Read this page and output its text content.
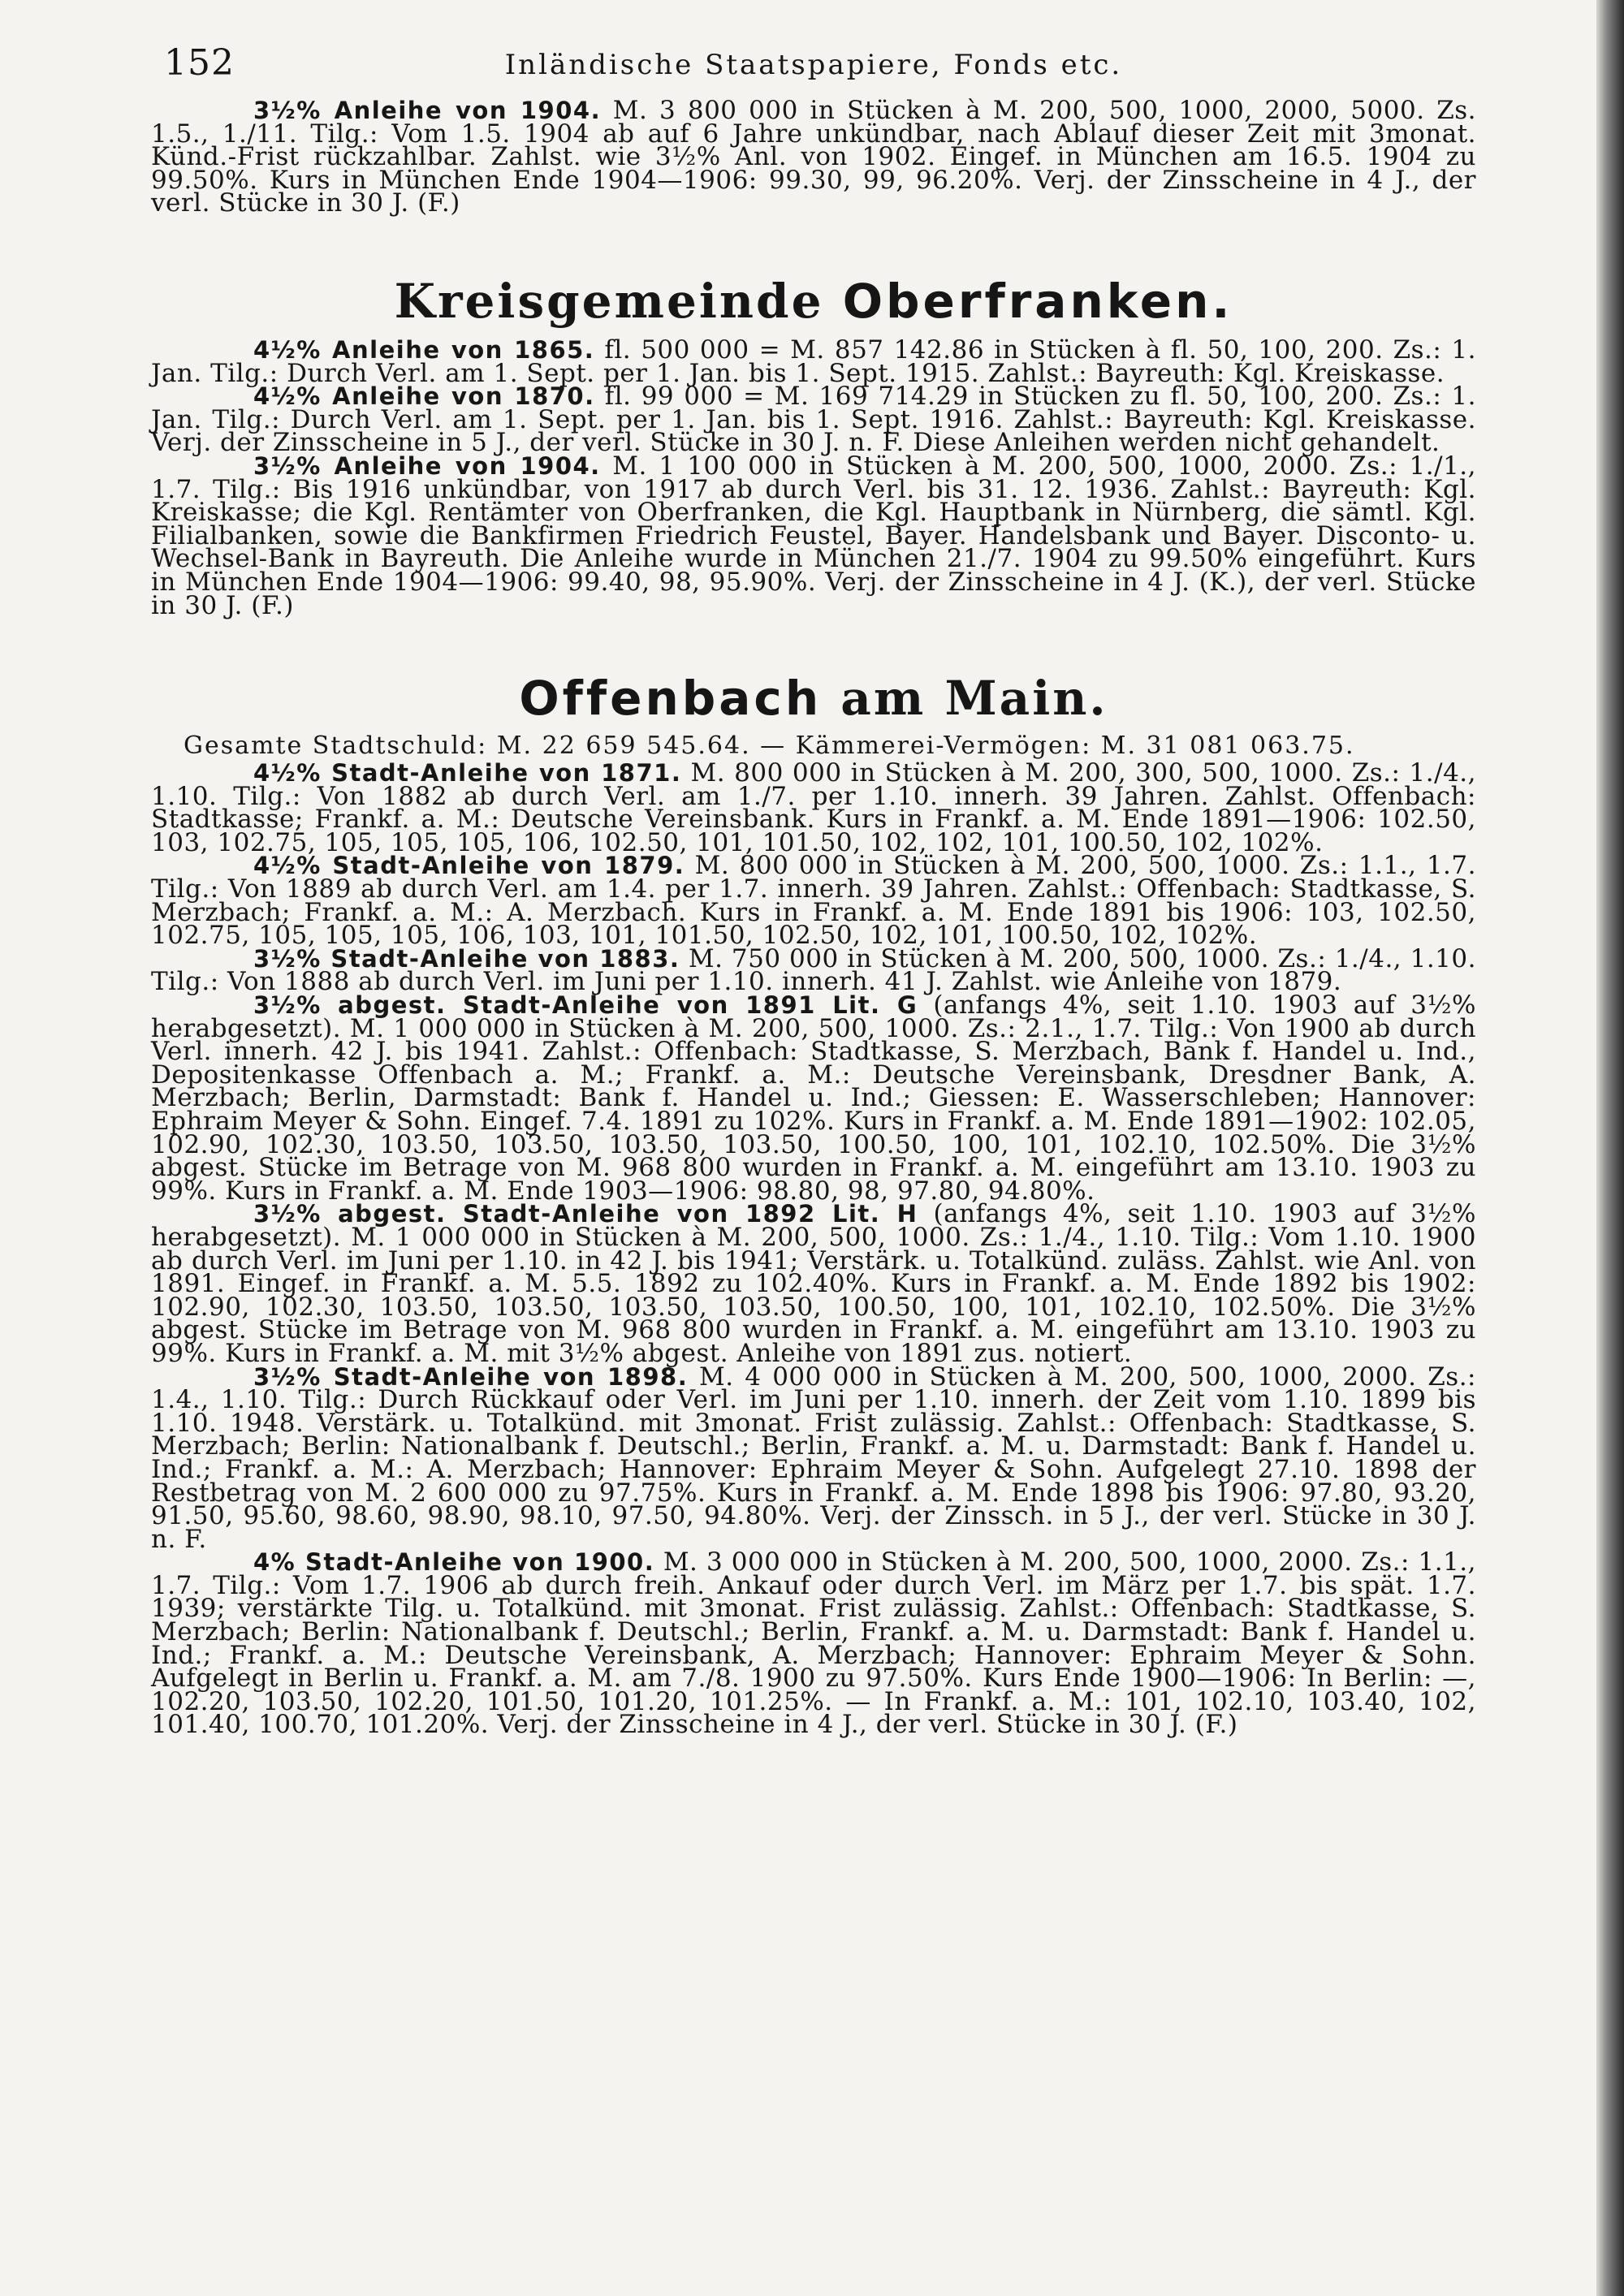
152	Inländische Staatspapiere, Fonds etc.

3½% Anleihe von 1904. M. 3 800 000 in Stücken à M. 200, 500, 1000, 2000, 5000. Zs. 1.5., 1./11. Tilg.: Vom 1.5. 1904 ab auf 6 Jahre unkündbar, nach Ablauf dieser Zeit mit 3monat. Künd.-Frist rückzahlbar. Zahlst. wie 3½% Anl. von 1902. Eingef. in München am 16.5. 1904 zu 99.50%. Kurs in München Ende 1904—1906: 99.30, 99, 96.20%. Verj. der Zinsscheine in 4 J., der verl. Stücke in 30 J. (F.)

Kreisgemeinde Oberfranken.

4½% Anleihe von 1865. fl. 500 000 = M. 857 142.86 in Stücken à fl. 50, 100, 200. Zs.: 1. Jan. Tilg.: Durch Verl. am 1. Sept. per 1. Jan. bis 1. Sept. 1915. Zahlst.: Bayreuth: Kgl. Kreiskasse.

4½% Anleihe von 1870. fl. 99 000 = M. 169 714.29 in Stücken zu fl. 50, 100, 200. Zs.: 1. Jan. Tilg.: Durch Verl. am 1. Sept. per 1. Jan. bis 1. Sept. 1916. Zahlst.: Bayreuth: Kgl. Kreiskasse. Verj. der Zinsscheine in 5 J., der verl. Stücke in 30 J. n. F. Diese Anleihen werden nicht gehandelt.

3½% Anleihe von 1904. M. 1 100 000 in Stücken à M. 200, 500, 1000, 2000. Zs.: 1./1., 1.7. Tilg.: Bis 1916 unkündbar, von 1917 ab durch Verl. bis 31. 12. 1936. Zahlst.: Bayreuth: Kgl. Kreiskasse; die Kgl. Rentämter von Oberfranken, die Kgl. Hauptbank in Nürnberg, die sämtl. Kgl. Filialbanken, sowie die Bankfirmen Friedrich Feustel, Bayer. Handelsbank und Bayer. Disconto- u. Wechsel-Bank in Bayreuth. Die Anleihe wurde in München 21./7. 1904 zu 99.50% eingeführt. Kurs in München Ende 1904—1906: 99.40, 98, 95.90%. Verj. der Zinsscheine in 4 J. (K.), der verl. Stücke in 30 J. (F.)

Offenbach am Main.

Gesamte Stadtschuld: M. 22 659 545.64. — Kämmerei-Vermögen: M. 31 081 063.75.

4½% Stadt-Anleihe von 1871. M. 800 000 in Stücken à M. 200, 300, 500, 1000. Zs.: 1./4., 1.10. Tilg.: Von 1882 ab durch Verl. am 1./7. per 1.10. innerh. 39 Jahren. Zahlst. Offenbach: Stadtkasse; Frankf. a. M.: Deutsche Vereinsbank. Kurs in Frankf. a. M. Ende 1891—1906: 102.50, 103, 102.75, 105, 105, 105, 106, 102.50, 101, 101.50, 102, 102, 101, 100.50, 102, 102%.

4½% Stadt-Anleihe von 1879. M. 800 000 in Stücken à M. 200, 500, 1000. Zs.: 1.1., 1.7. Tilg.: Von 1889 ab durch Verl. am 1.4. per 1.7. innerh. 39 Jahren. Zahlst.: Offenbach: Stadtkasse, S. Merzbach; Frankf. a. M.: A. Merzbach. Kurs in Frankf. a. M. Ende 1891 bis 1906: 103, 102.50, 102.75, 105, 105, 105, 106, 103, 101, 101.50, 102.50, 102, 101, 100.50, 102, 102%.

3½% Stadt-Anleihe von 1883. M. 750 000 in Stücken à M. 200, 500, 1000. Zs.: 1./4., 1.10. Tilg.: Von 1888 ab durch Verl. im Juni per 1.10. innerh. 41 J. Zahlst. wie Anleihe von 1879.

3½% abgest. Stadt-Anleihe von 1891 Lit. G (anfangs 4%, seit 1.10. 1903 auf 3½% herabgesetzt). M. 1 000 000 in Stücken à M. 200, 500, 1000. Zs.: 2.1., 1.7. Tilg.: Von 1900 ab durch Verl. innerh. 42 J. bis 1941. Zahlst.: Offenbach: Stadtkasse, S. Merzbach, Bank f. Handel u. Ind., Depositenkasse Offenbach a. M.; Frankf. a. M.: Deutsche Vereinsbank, Dresdner Bank, A. Merzbach; Berlin, Darmstadt: Bank f. Handel u. Ind.; Giessen: E. Wasserschleben; Hannover: Ephraim Meyer & Sohn. Eingef. 7.4. 1891 zu 102%. Kurs in Frankf. a. M. Ende 1891—1902: 102.05, 102.90, 102.30, 103.50, 103.50, 103.50, 103.50, 100.50, 100, 101, 102.10, 102.50%. Die 3½% abgest. Stücke im Betrage von M. 968 800 wurden in Frankf. a. M. eingeführt am 13.10. 1903 zu 99%. Kurs in Frankf. a. M. Ende 1903—1906: 98.80, 98, 97.80, 94.80%.

3½% abgest. Stadt-Anleihe von 1892 Lit. H (anfangs 4%, seit 1.10. 1903 auf 3½% herabgesetzt). M. 1 000 000 in Stücken à M. 200, 500, 1000. Zs.: 1./4., 1.10. Tilg.: Vom 1.10. 1900 ab durch Verl. im Juni per 1.10. in 42 J. bis 1941; Verstärk. u. Totalkünd. zuläss. Zahlst. wie Anl. von 1891. Eingef. in Frankf. a. M. 5.5. 1892 zu 102.40%. Kurs in Frankf. a. M. Ende 1892 bis 1902: 102.90, 102.30, 103.50, 103.50, 103.50, 103.50, 100.50, 100, 101, 102.10, 102.50%. Die 3½% abgest. Stücke im Betrage von M. 968 800 wurden in Frankf. a. M. eingeführt am 13.10. 1903 zu 99%. Kurs in Frankf. a. M. mit 3½% abgest. Anleihe von 1891 zus. notiert.

3½% Stadt-Anleihe von 1898. M. 4 000 000 in Stücken à M. 200, 500, 1000, 2000. Zs.: 1.4., 1.10. Tilg.: Durch Rückkauf oder Verl. im Juni per 1.10. innerh. der Zeit vom 1.10. 1899 bis 1.10. 1948. Verstärk. u. Totalkünd. mit 3monat. Frist zulässig. Zahlst.: Offenbach: Stadtkasse, S. Merzbach; Berlin: Nationalbank f. Deutschl.; Berlin, Frankf. a. M. u. Darmstadt: Bank f. Handel u. Ind.; Frankf. a. M.: A. Merzbach; Hannover: Ephraim Meyer & Sohn. Aufgelegt 27.10. 1898 der Restbetrag von M. 2 600 000 zu 97.75%. Kurs in Frankf. a. M. Ende 1898 bis 1906: 97.80, 93.20, 91.50, 95.60, 98.60, 98.90, 98.10, 97.50, 94.80%. Verj. der Zinssch. in 5 J., der verl. Stücke in 30 J. n. F.

4% Stadt-Anleihe von 1900. M. 3 000 000 in Stücken à M. 200, 500, 1000, 2000. Zs.: 1.1., 1.7. Tilg.: Vom 1.7. 1906 ab durch freih. Ankauf oder durch Verl. im März per 1.7. bis spät. 1.7. 1939; verstärkte Tilg. u. Totalkünd. mit 3monat. Frist zulässig. Zahlst.: Offenbach: Stadtkasse, S. Merzbach; Berlin: Nationalbank f. Deutschl.; Berlin, Frankf. a. M. u. Darmstadt: Bank f. Handel u. Ind.; Frankf. a. M.: Deutsche Vereinsbank, A. Merzbach; Hannover: Ephraim Meyer & Sohn. Aufgelegt in Berlin u. Frankf. a. M. am 7./8. 1900 zu 97.50%. Kurs Ende 1900—1906: In Berlin: —, 102.20, 103.50, 102.20, 101.50, 101.20, 101.25%. — In Frankf. a. M.: 101, 102.10, 103.40, 102, 101.40, 100.70, 101.20%. Verj. der Zinsscheine in 4 J., der verl. Stücke in 30 J. (F.)
